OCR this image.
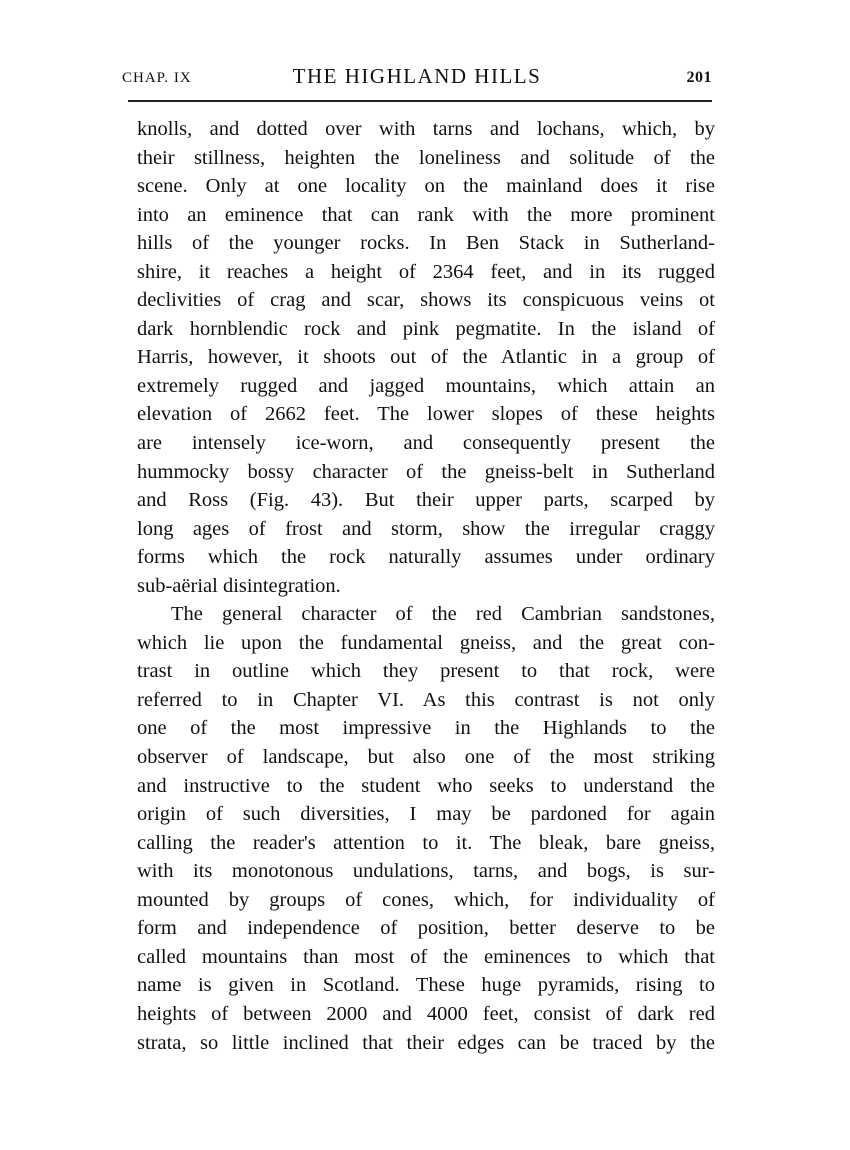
CHAP. IX	THE HIGHLAND HILLS	201
knolls, and dotted over with tarns and lochans, which, by
their stillness, heighten the loneliness and solitude of the
scene. Only at one locality on the mainland does it rise
into an eminence that can rank with the more prominent
hills of the younger rocks. In Ben Stack in Sutherland-
shire, it reaches a height of 2364 feet, and in its rugged
declivities of crag and scar, shows its conspicuous veins ot
dark hornblendic rock and pink pegmatite. In the island of
Harris, however, it shoots out of the Atlantic in a group of
extremely rugged and jagged mountains, which attain an
elevation of 2662 feet. The lower slopes of these heights
are intensely ice-worn, and consequently present the
hummocky bossy character of the gneiss-belt in Sutherland
and Ross (Fig. 43). But their upper parts, scarped by
long ages of frost and storm, show the irregular craggy
forms which the rock naturally assumes under ordinary
sub-aërial disintegration.
The general character of the red Cambrian sandstones,
which lie upon the fundamental gneiss, and the great con-
trast in outline which they present to that rock, were
referred to in Chapter VI. As this contrast is not only
one of the most impressive in the Highlands to the
observer of landscape, but also one of the most striking
and instructive to the student who seeks to understand the
origin of such diversities, I may be pardoned for again
calling the reader's attention to it. The bleak, bare gneiss,
with its monotonous undulations, tarns, and bogs, is sur-
mounted by groups of cones, which, for individuality of
form and independence of position, better deserve to be
called mountains than most of the eminences to which that
name is given in Scotland. These huge pyramids, rising to
heights of between 2000 and 4000 feet, consist of dark red
strata, so little inclined that their edges can be traced by the
